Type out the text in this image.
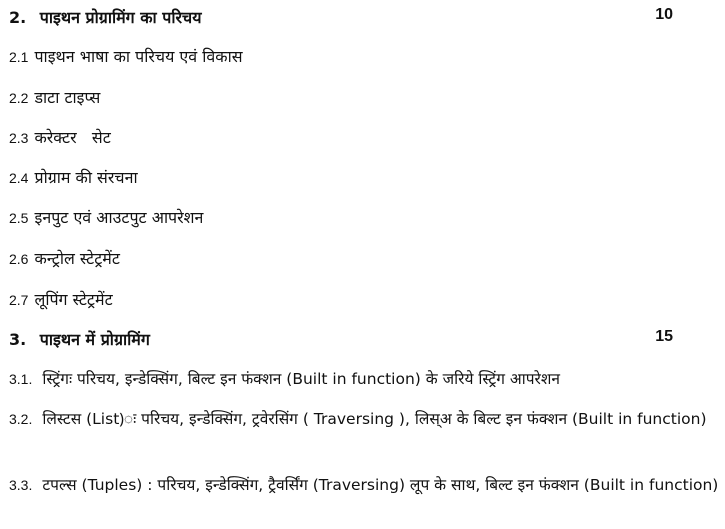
2. पाइथन प्रोग्रामिंग का परिचय	10
2.1 पाइथन भाषा का परिचय एवं विकास
2.2 डाटा टाइप्स
2.3 करेक्टर   सेट
2.4 प्रोग्राम की संरचना
2.5 इनपुट एवं आउटपुट आपरेशन
2.6 कन्ट्रोल स्टेट्रमेंट
2.7 लूपिंग स्टेट्रमेंट
3. पाइथन में प्रोग्रामिंग	15
3.1. स्ट्रिंगः परिचय, इन्डेक्सिंग, बिल्ट इन फंक्शन (Built in function) के जरिये स्ट्रिंग आपरेशन
3.2. लिस्टस (List)ः परिचय, इन्डेक्सिंग, ट्रवेरसिंग ( Traversing ), लिस्अ के बिल्ट इन फंक्शन (Built in function)
3.3. टपल्स (Tuples) : परिचय, इन्डेक्सिंग, ट्रैवर्सिंग (Traversing) लूप के साथ, बिल्ट इन फंक्शन (Built in function)
